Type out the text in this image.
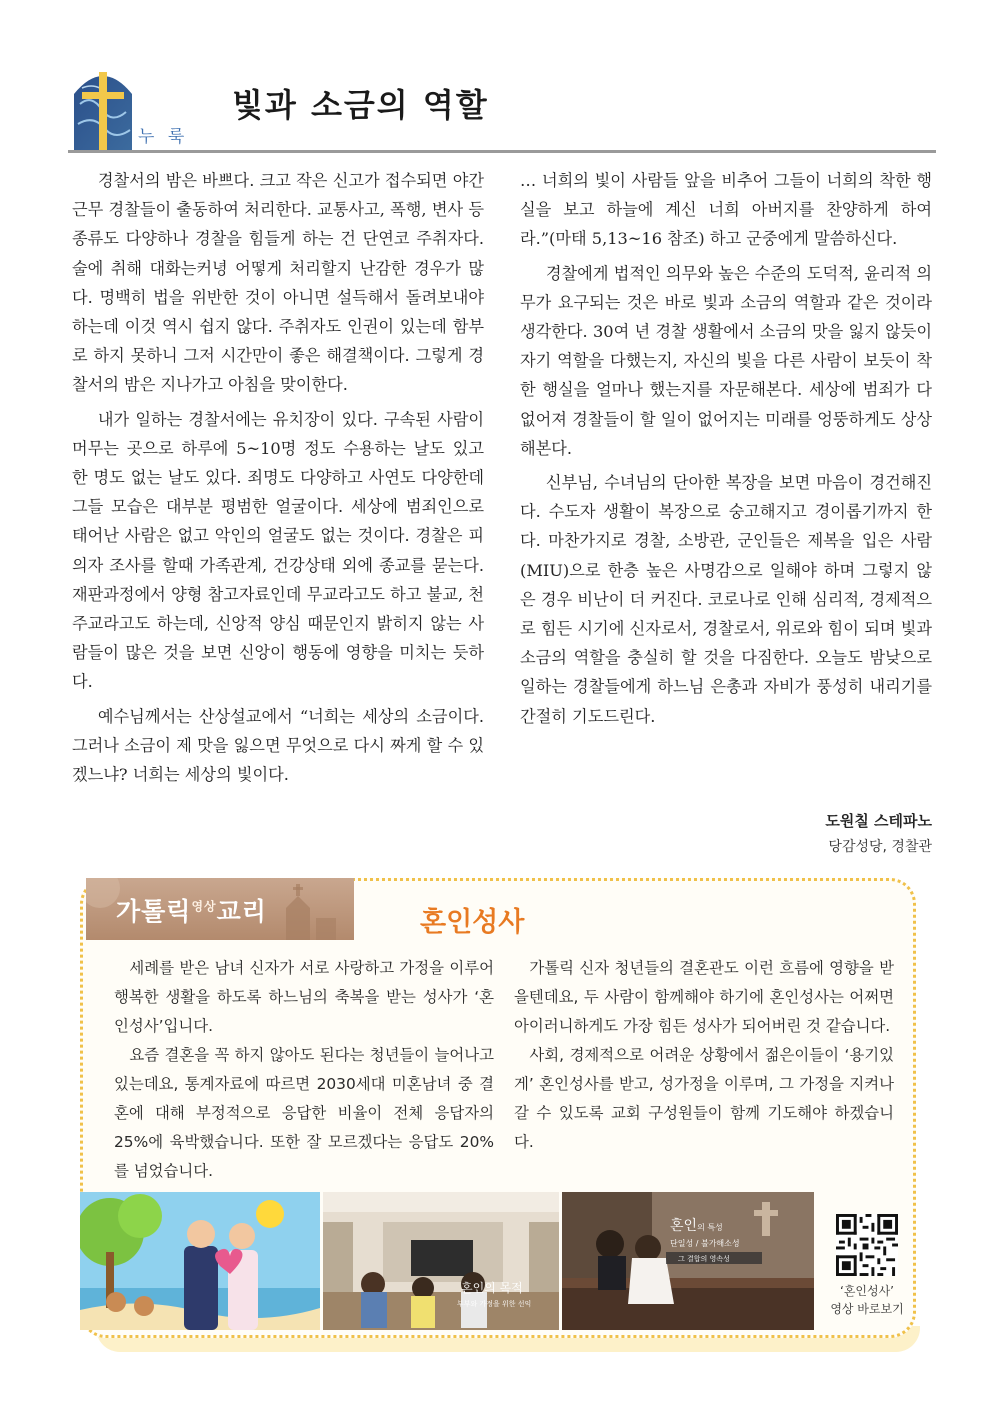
누 룩
빛과 소금의 역할

경찰서의 밤은 바쁘다. 크고 작은 신고가 접수되면 야간 근무 경찰들이 출동하여 처리한다. 교통사고, 폭행, 변사 등 종류도 다양하나 경찰을 힘들게 하는 건 단연코 주취자다. 술에 취해 대화는커녕 어떻게 처리할지 난감한 경우가 많다. 명백히 법을 위반한 것이 아니면 설득해서 돌려보내야 하는데 이것 역시 쉽지 않다. 주취자도 인권이 있는데 함부로 하지 못하니 그저 시간만이 좋은 해결책이다. 그렇게 경찰서의 밤은 지나가고 아침을 맞이한다.

내가 일하는 경찰서에는 유치장이 있다. 구속된 사람이 머무는 곳으로 하루에 5~10명 정도 수용하는 날도 있고 한 명도 없는 날도 있다. 죄명도 다양하고 사연도 다양한데 그들 모습은 대부분 평범한 얼굴이다. 세상에 범죄인으로 태어난 사람은 없고 악인의 얼굴도 없는 것이다. 경찰은 피의자 조사를 할때 가족관계, 건강상태 외에 종교를 묻는다. 재판과정에서 양형 참고자료인데 무교라고도 하고 불교, 천주교라고도 하는데, 신앙적 양심 때문인지 밝히지 않는 사람들이 많은 것을 보면 신앙이 행동에 영향을 미치는 듯하다.

예수님께서는 산상설교에서 “너희는 세상의 소금이다. 그러나 소금이 제 맛을 잃으면 무엇으로 다시 짜게 할 수 있겠느냐? 너희는 세상의 빛이다.

… 너희의 빛이 사람들 앞을 비추어 그들이 너희의 착한 행실을 보고 하늘에 계신 너희 아버지를 찬양하게 하여라.”(마태 5,13~16 참조) 하고 군중에게 말씀하신다.

경찰에게 법적인 의무와 높은 수준의 도덕적, 윤리적 의무가 요구되는 것은 바로 빛과 소금의 역할과 같은 것이라 생각한다. 30여 년 경찰 생활에서 소금의 맛을 잃지 않듯이 자기 역할을 다했는지, 자신의 빛을 다른 사람이 보듯이 착한 행실을 얼마나 했는지를 자문해본다. 세상에 범죄가 다 없어져 경찰들이 할 일이 없어지는 미래를 엉뚱하게도 상상해본다.

신부님, 수녀님의 단아한 복장을 보면 마음이 경건해진다. 수도자 생활이 복장으로 숭고해지고 경이롭기까지 한다. 마찬가지로 경찰, 소방관, 군인들은 제복을 입은 사람(MIU)으로 한층 높은 사명감으로 일해야 하며 그렇지 않은 경우 비난이 더 커진다. 코로나로 인해 심리적, 경제적으로 힘든 시기에 신자로서, 경찰로서, 위로와 힘이 되며 빛과 소금의 역할을 충실히 할 것을 다짐한다. 오늘도 밤낮으로 일하는 경찰들에게 하느님 은총과 자비가 풍성히 내리기를 간절히 기도드린다.

도원칠 스테파노
당감성당, 경찰관
가톨릭$^{영상}$교리	혼인성사

세례를 받은 남녀 신자가 서로 사랑하고 가정을 이루어 행복한 생활을 하도록 하느님의 축복을 받는 성사가 ‘혼인성사’입니다.

요즘 결혼을 꼭 하지 않아도 된다는 청년들이 늘어나고 있는데요, 통계자료에 따르면 2030세대 미혼남녀 중 결혼에 대해 부정적으로 응답한 비율이 전체 응답자의 25%에 육박했습니다. 또한 잘 모르겠다는 응답도 20%를 넘었습니다.

가톨릭 신자 청년들의 결혼관도 이런 흐름에 영향을 받을텐데요, 두 사람이 함께해야 하기에 혼인성사는 어쩌면 아이러니하게도 가장 힘든 성사가 되어버린 것 같습니다.

사회, 경제적으로 어려운 상황에서 젊은이들이 ‘용기있게’ 혼인성사를 받고, 성가정을 이루며, 그 가정을 지켜나갈 수 있도록 교회 구성원들이 함께 기도해야 하겠습니다.

혼인의 목적
부부와 가정을 위한 선익
혼인의 특성
단일성 / 불가해소성
그 결합의 영속성
‘혼인성사’
영상 바로보기
